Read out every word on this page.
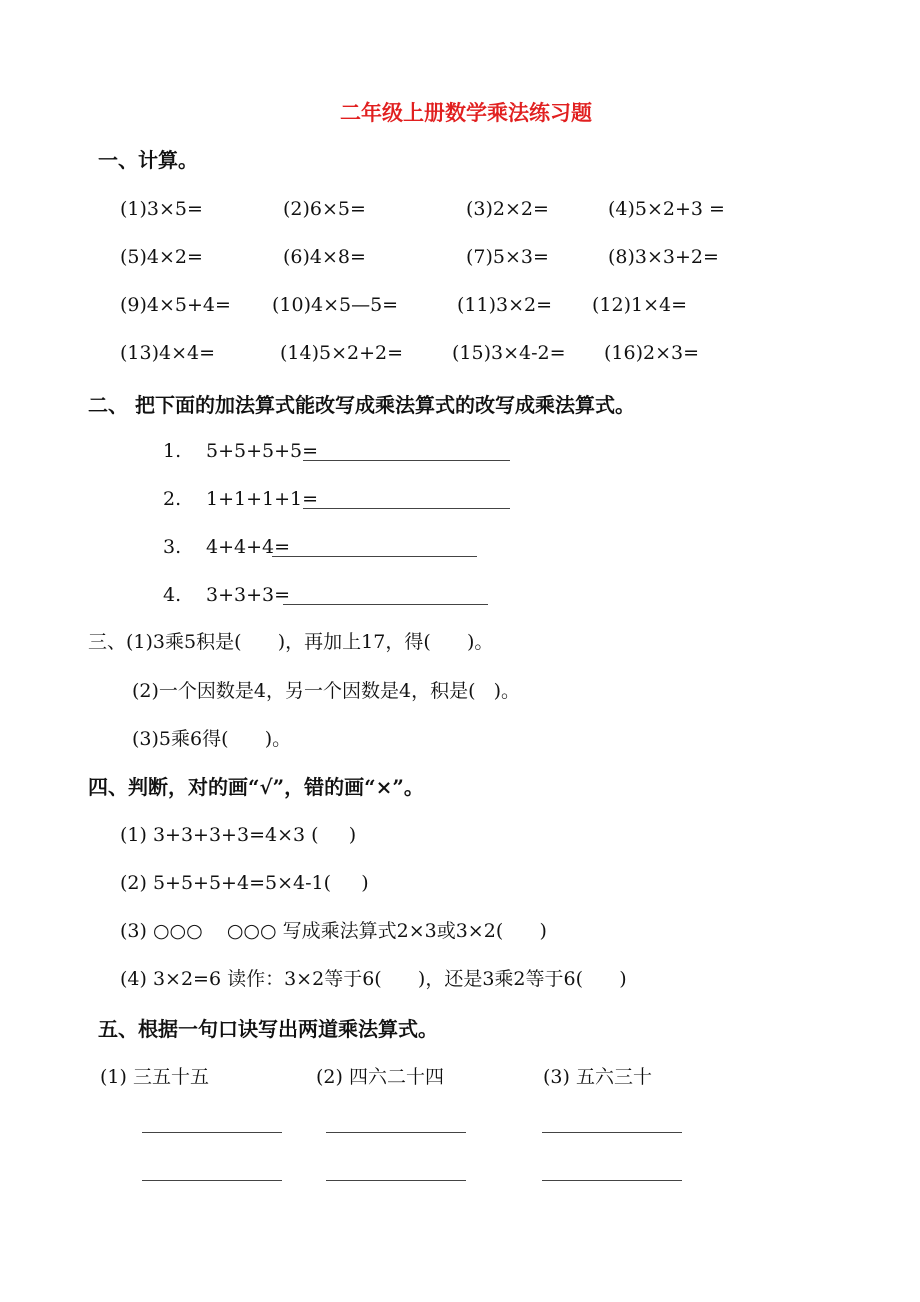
二年级上册数学乘法练习题
一、计算。
(1)3×5=	(2)6×5=	(3)2×2=	(4)5×2+3 =
(5)4×2=	(6)4×8=	(7)5×3=	(8)3×3+2=
(9)4×5+4= (10)4×5—5=	(11)3×2= (12)1×4=
(13)4×4=	(14)5×2+2=	(15)3×4-2= (16)2×3=
二、 把下面的加法算式能改写成乘法算式的改写成乘法算式。
1. 5+5+5+5=
2. 1+1+1+1=
3. 4+4+4=
4. 3+3+3=
三、(1)3乘5积是(      )，再加上17，得(      )。
(2)一个因数是4，另一个因数是4，积是(   )。
(3)5乘6得(      )。
四、判断，对的画“√”，错的画“×”。
(1) 3+3+3+3=4×3 (     )
(2) 5+5+5+4=5×4-1(     )
(3) ○○○    ○○○ 写成乘法算式2×3或3×2(      )
(4) 3×2=6 读作：3×2等于6(      )，还是3乘2等于6(      )
五、根据一句口诀写出两道乘法算式。
(1) 三五十五	(2) 四六二十四	(3) 五六三十
